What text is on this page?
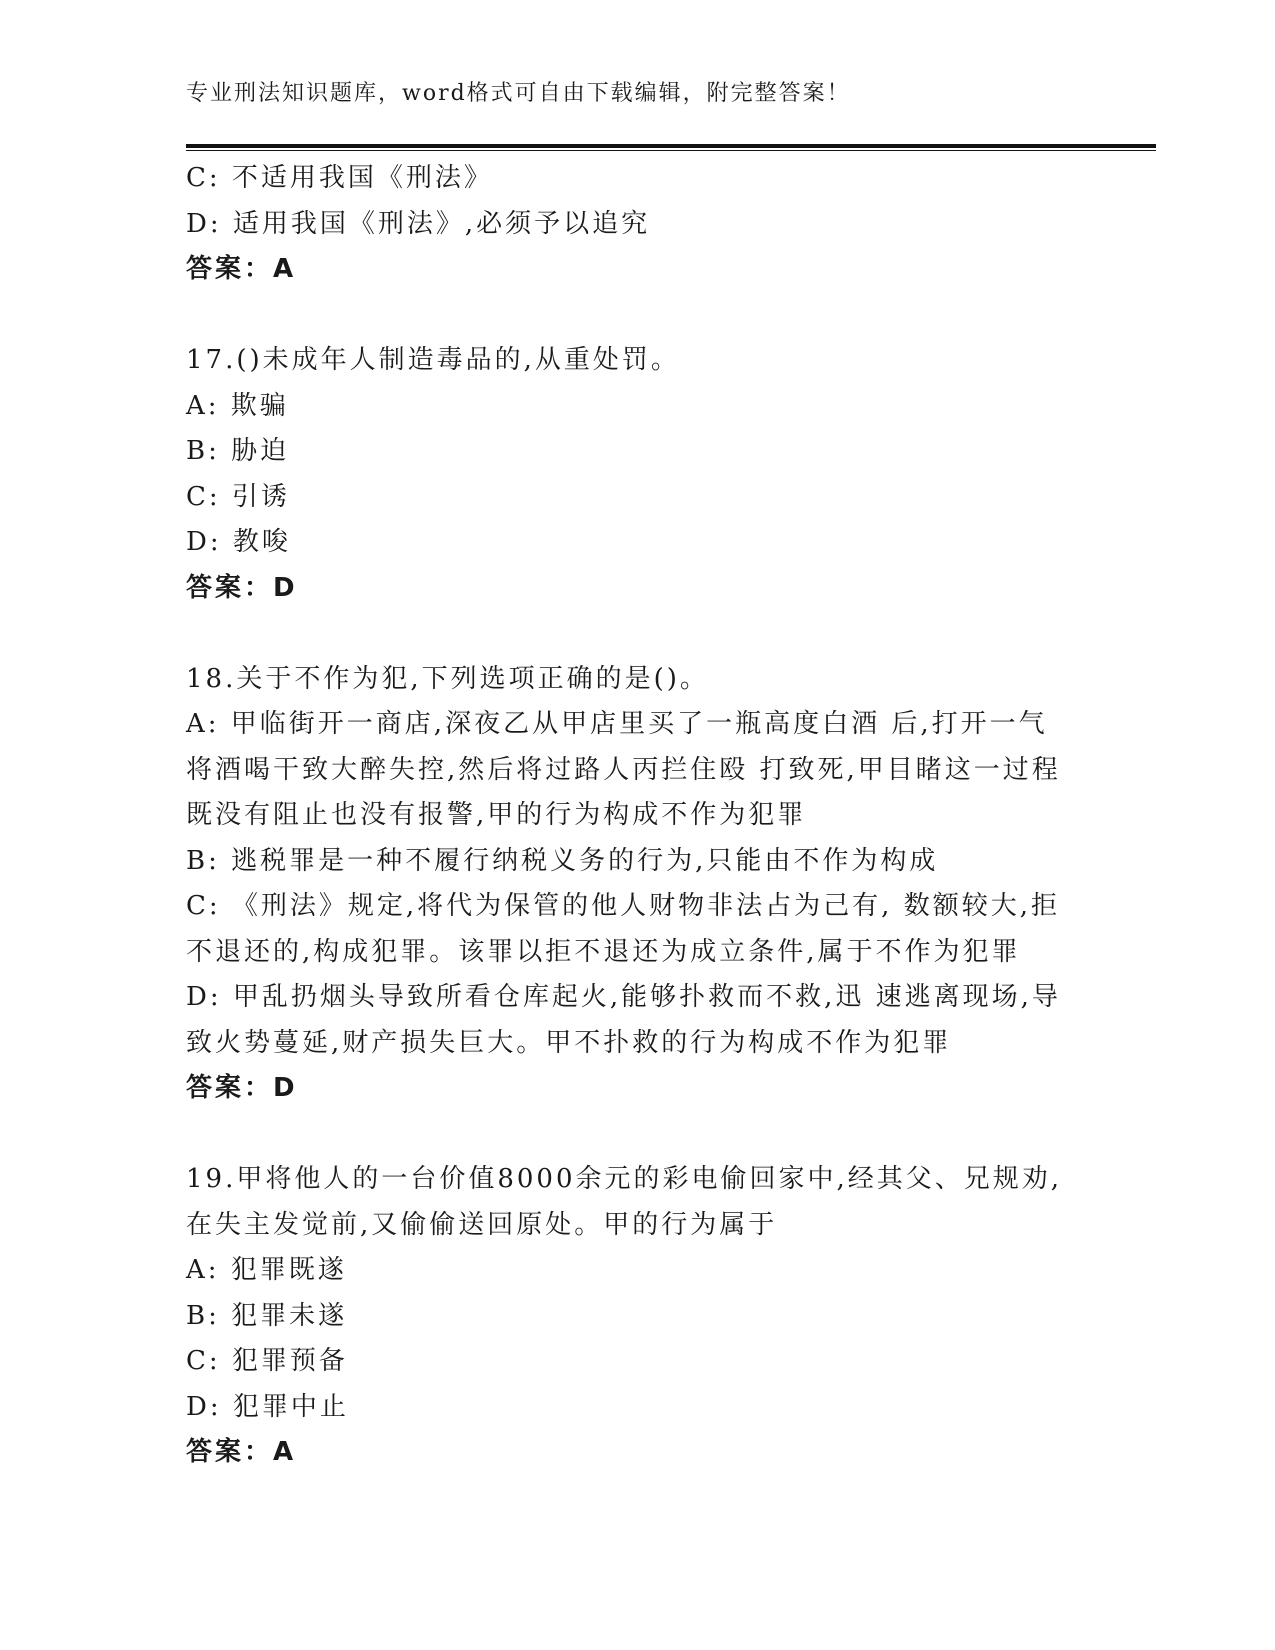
专业刑法知识题库，word格式可自由下载编辑，附完整答案！
C: 不适用我国《刑法》
D: 适用我国《刑法》,必须予以追究
答案：A
17.()未成年人制造毒品的,从重处罚。
A: 欺骗
B: 胁迫
C: 引诱
D: 教唆
答案：D
18.关于不作为犯,下列选项正确的是()。
A: 甲临街开一商店,深夜乙从甲店里买了一瓶高度白酒 后,打开一气
将酒喝干致大醉失控,然后将过路人丙拦住殴 打致死,甲目睹这一过程
既没有阻止也没有报警,甲的行为构成不作为犯罪
B: 逃税罪是一种不履行纳税义务的行为,只能由不作为构成
C: 《刑法》规定,将代为保管的他人财物非法占为己有, 数额较大,拒
不退还的,构成犯罪。该罪以拒不退还为成立条件,属于不作为犯罪
D: 甲乱扔烟头导致所看仓库起火,能够扑救而不救,迅 速逃离现场,导
致火势蔓延,财产损失巨大。甲不扑救的行为构成不作为犯罪
答案：D
19.甲将他人的一台价值8000余元的彩电偷回家中,经其父、兄规劝,
在失主发觉前,又偷偷送回原处。甲的行为属于
A: 犯罪既遂
B: 犯罪未遂
C: 犯罪预备
D: 犯罪中止
答案：A
